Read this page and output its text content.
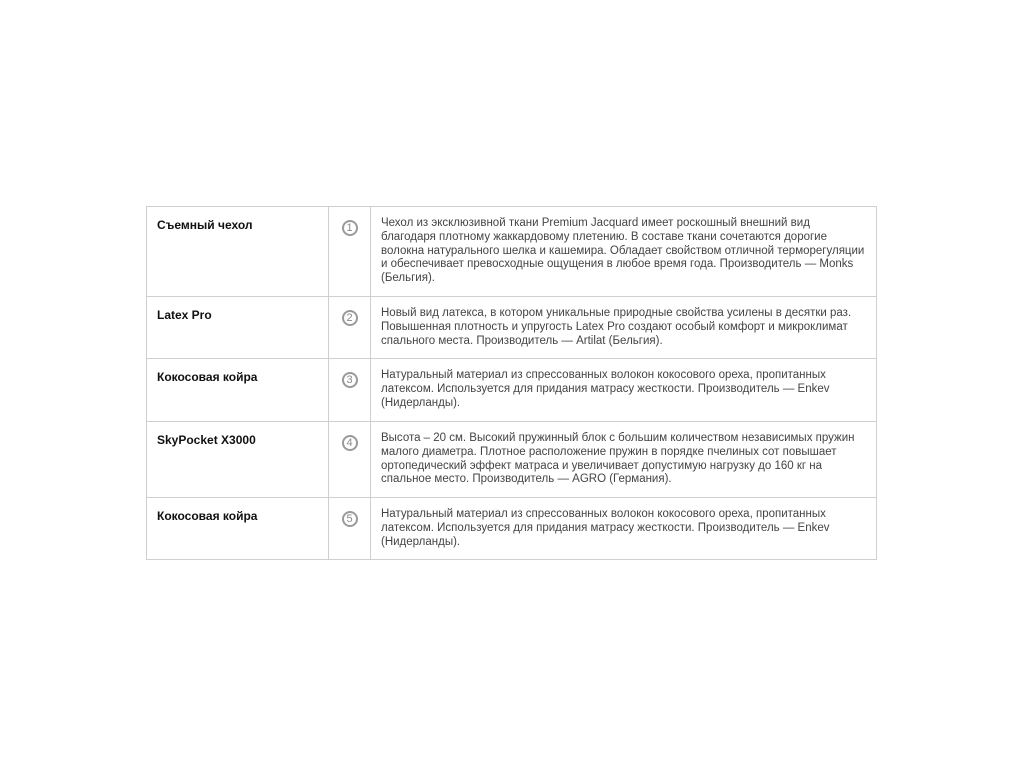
Съемный чехол	1	Чехол из эксклюзивной ткани Premium Jacquard имеет роскошный внешний вид благодаря плотному жаккардовому плетению. В составе ткани сочетаются дорогие волокна натурального шелка и кашемира. Обладает свойством отличной терморегуляции и обеспечивает превосходные ощущения в любое время года. Производитель — Monks (Бельгия).
Latex Pro	2	Новый вид латекса, в котором уникальные природные свойства усилены в десятки раз. Повышенная плотность и упругость Latex Pro создают особый комфорт и микроклимат спального места. Производитель — Artilat (Бельгия).
Кокосовая койра	3	Натуральный материал из спрессованных волокон кокосового ореха, пропитанных латексом. Используется для придания матрасу жесткости. Производитель — Enkev (Нидерланды).
SkyPocket X3000	4	Высота – 20 см. Высокий пружинный блок с большим количеством независимых пружин малого диаметра. Плотное расположение пружин в порядке пчелиных сот повышает ортопедический эффект матраса и увеличивает допустимую нагрузку до 160 кг на спальное место. Производитель — AGRO (Германия).
Кокосовая койра	5	Натуральный материал из спрессованных волокон кокосового ореха, пропитанных латексом. Используется для придания матрасу жесткости. Производитель — Enkev (Нидерланды).
